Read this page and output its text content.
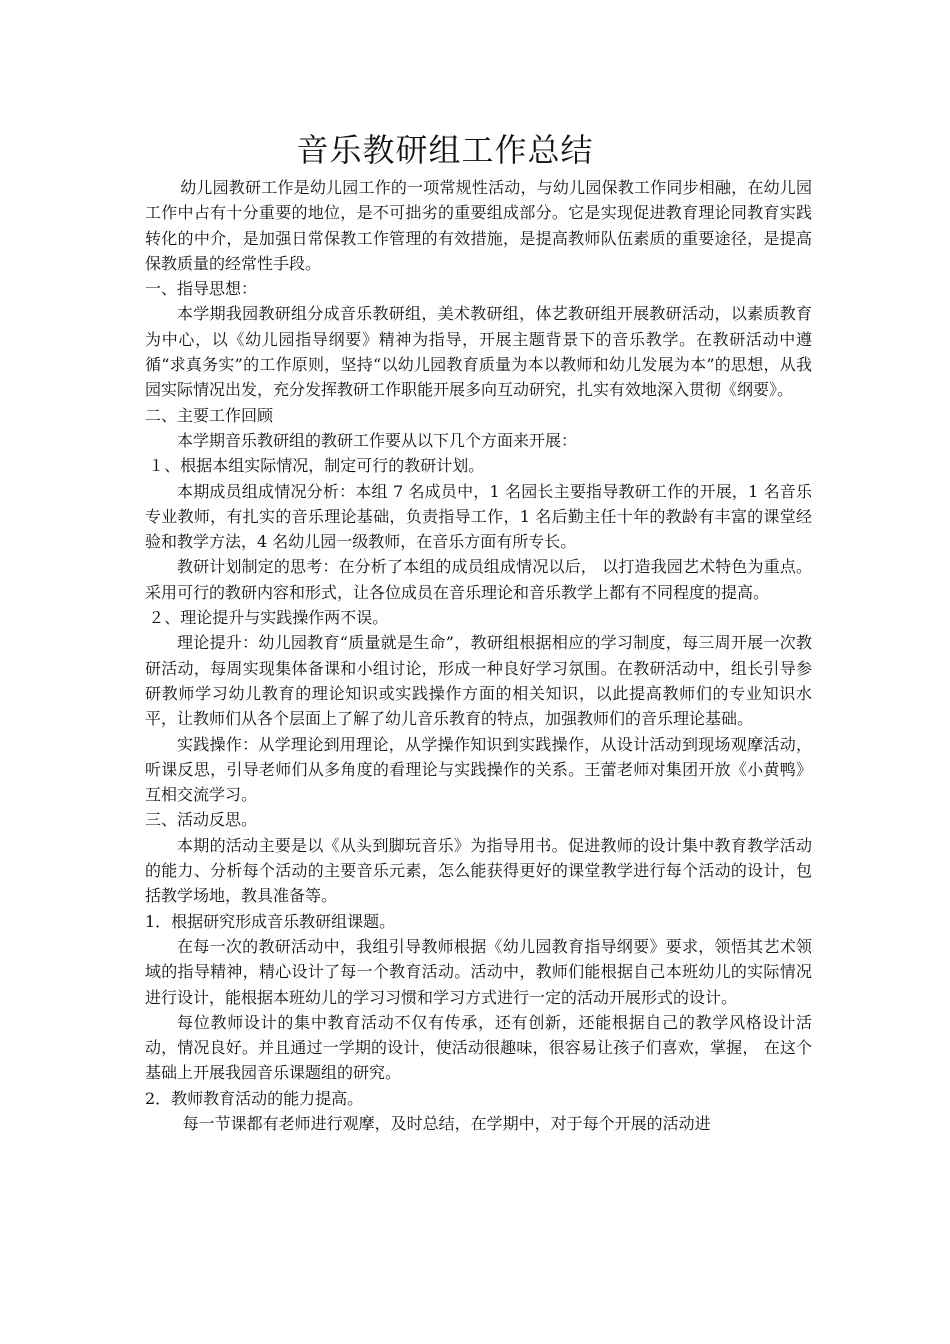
音乐教研组工作总结

幼儿园教研工作是幼儿园工作的一项常规性活动，与幼儿园保教工作同步相融，在幼儿园工作中占有十分重要的地位，是不可拙劣的重要组成部分。它是实现促进教育理论同教育实践转化的中介，是加强日常保教工作管理的有效措施，是提高教师队伍素质的重要途径，是提高保教质量的经常性手段。

一、指导思想：

本学期我园教研组分成音乐教研组，美术教研组，体艺教研组开展教研活动，以素质教育为中心，以《幼儿园指导纲要》精神为指导，开展主题背景下的音乐教学。在教研活动中遵循“求真务实”的工作原则，坚持“以幼儿园教育质量为本以教师和幼儿发展为本”的思想，从我园实际情况出发，充分发挥教研工作职能开展多向互动研究，扎实有效地深入贯彻《纲要》。

二、主要工作回顾

本学期音乐教研组的教研工作要从以下几个方面来开展：

１、根据本组实际情况，制定可行的教研计划。

本期成员组成情况分析：本组 7 名成员中，1 名园长主要指导教研工作的开展，1 名音乐专业教师，有扎实的音乐理论基础，负责指导工作，1 名后勤主任十年的教龄有丰富的课堂经验和教学方法，4 名幼儿园一级教师，在音乐方面有所专长。

教研计划制定的思考：在分析了本组的成员组成情况以后， 以打造我园艺术特色为重点。采用可行的教研内容和形式，让各位成员在音乐理论和音乐教学上都有不同程度的提高。

２、理论提升与实践操作两不误。

理论提升：幼儿园教育“质量就是生命”，教研组根据相应的学习制度，每三周开展一次教研活动，每周实现集体备课和小组讨论，形成一种良好学习氛围。在教研活动中，组长引导参研教师学习幼儿教育的理论知识或实践操作方面的相关知识，以此提高教师们的专业知识水平，让教师们从各个层面上了解了幼儿音乐教育的特点，加强教师们的音乐理论基础。

实践操作：从学理论到用理论，从学操作知识到实践操作，从设计活动到现场观摩活动，听课反思，引导老师们从多角度的看理论与实践操作的关系。王蕾老师对集团开放《小黄鸭》互相交流学习。

三、活动反思。

本期的活动主要是以《从头到脚玩音乐》为指导用书。促进教师的设计集中教育教学活动的能力、分析每个活动的主要音乐元素，怎么能获得更好的课堂教学进行每个活动的设计，包括教学场地，教具准备等。

1．根据研究形成音乐教研组课题。

在每一次的教研活动中，我组引导教师根据《幼儿园教育指导纲要》要求，领悟其艺术领域的指导精神，精心设计了每一个教育活动。活动中，教师们能根据自己本班幼儿的实际情况进行设计，能根据本班幼儿的学习习惯和学习方式进行一定的活动开展形式的设计。

每位教师设计的集中教育活动不仅有传承，还有创新，还能根据自己的教学风格设计活动，情况良好。并且通过一学期的设计，使活动很趣味，很容易让孩子们喜欢，掌握， 在这个基础上开展我园音乐课题组的研究。

2．教师教育活动的能力提高。

每一节课都有老师进行观摩，及时总结，在学期中，对于每个开展的活动进
